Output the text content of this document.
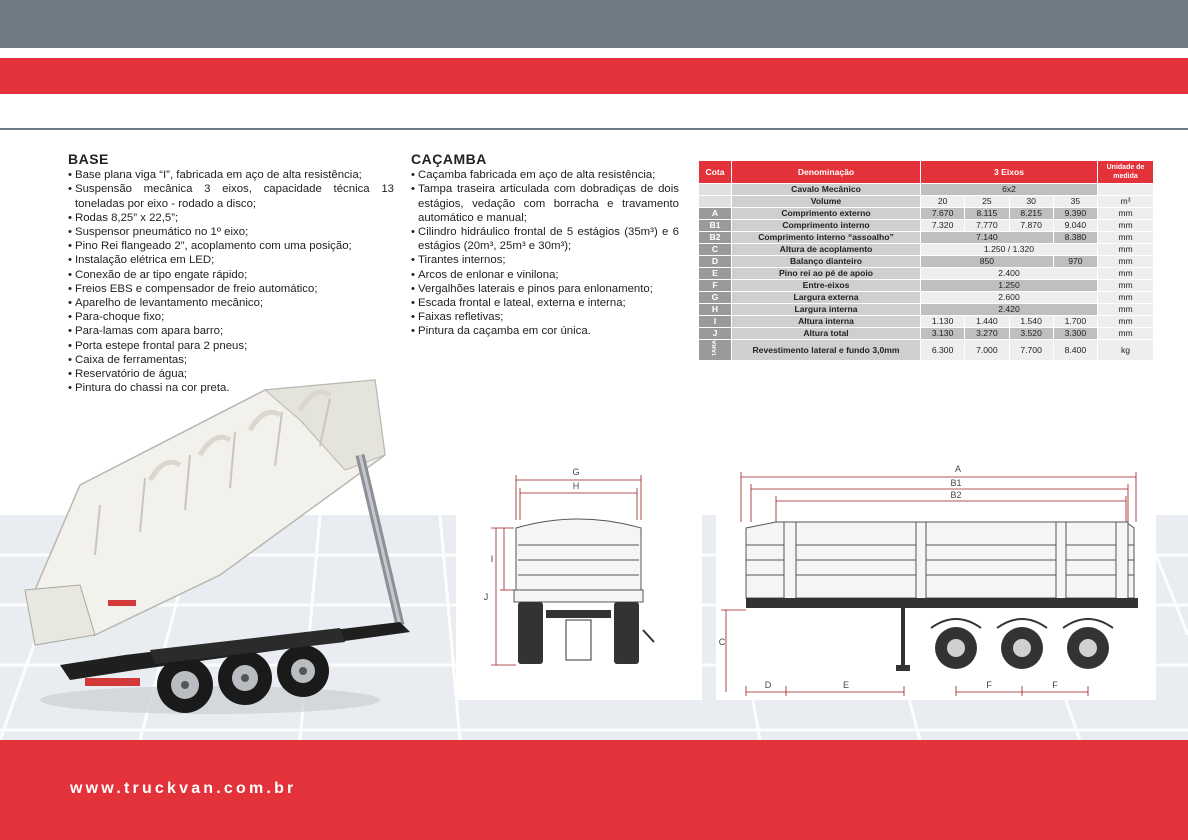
BASE
• Base plana viga “I”, fabricada em aço de alta resistência;
• Suspensão mecânica 3 eixos, capacidade técnica 13 toneladas por eixo - rodado a disco;
• Rodas 8,25” x 22,5”;
• Suspensor pneumático no 1º eixo;
• Pino Rei flangeado 2”, acoplamento com uma posição;
• Instalação elétrica em LED;
• Conexão de ar tipo engate rápido;
• Freios EBS e compensador de freio automático;
• Aparelho de levantamento mecânico;
• Para-choque fixo;
• Para-lamas com apara barro;
• Porta estepe frontal para 2 pneus;
• Caixa de ferramentas;
• Reservatório de água;
• Pintura do chassi na cor preta.
CAÇAMBA
• Caçamba fabricada em aço de alta resistência;
• Tampa traseira articulada com dobradiças de dois estágios, vedação com borracha e travamento automático e manual;
• Cilindro hidráulico frontal de 5 estágios (35m³) e 6 estágios (20m³, 25m³ e 30m³);
• Tirantes internos;
• Arcos de enlonar e vinilona;
• Vergalhões laterais e pinos para enlonamento;
• Escada frontal e lateal, externa e interna;
• Faixas refletivas;
• Pintura da caçamba em cor única.
Cota	Denominação	3 Eixos				Unidade de medida
	Cavalo Mecânico	6x2				
	Volume	20	25	30	35	m³
A	Comprimento externo	7.670	8.115	8.215	9.390	mm
B1	Comprimento interno	7.320	7.770	7.870	9.040	mm
B2	Comprimento interno “assoalho”	7.140			8.380	mm
C	Altura de acoplamento	1.250 / 1.320				mm
D	Balanço dianteiro	850			970	mm
E	Pino rei ao pé de apoio	2.400				mm
F	Entre-eixos	1.250				mm
G	Largura externa	2.600				mm
H	Largura interna	2.420				mm
I	Altura interna	1.130	1.440	1.540	1.700	mm
J	Altura total	3.130	3.270	3.520	3.300	mm
TARA	Revestimento lateral e fundo 3,0mm	6.300	7.000	7.700	8.400	kg
G
H
J
I
A
B1
B2
C
D	E	F	F
www.truckvan.com.br
